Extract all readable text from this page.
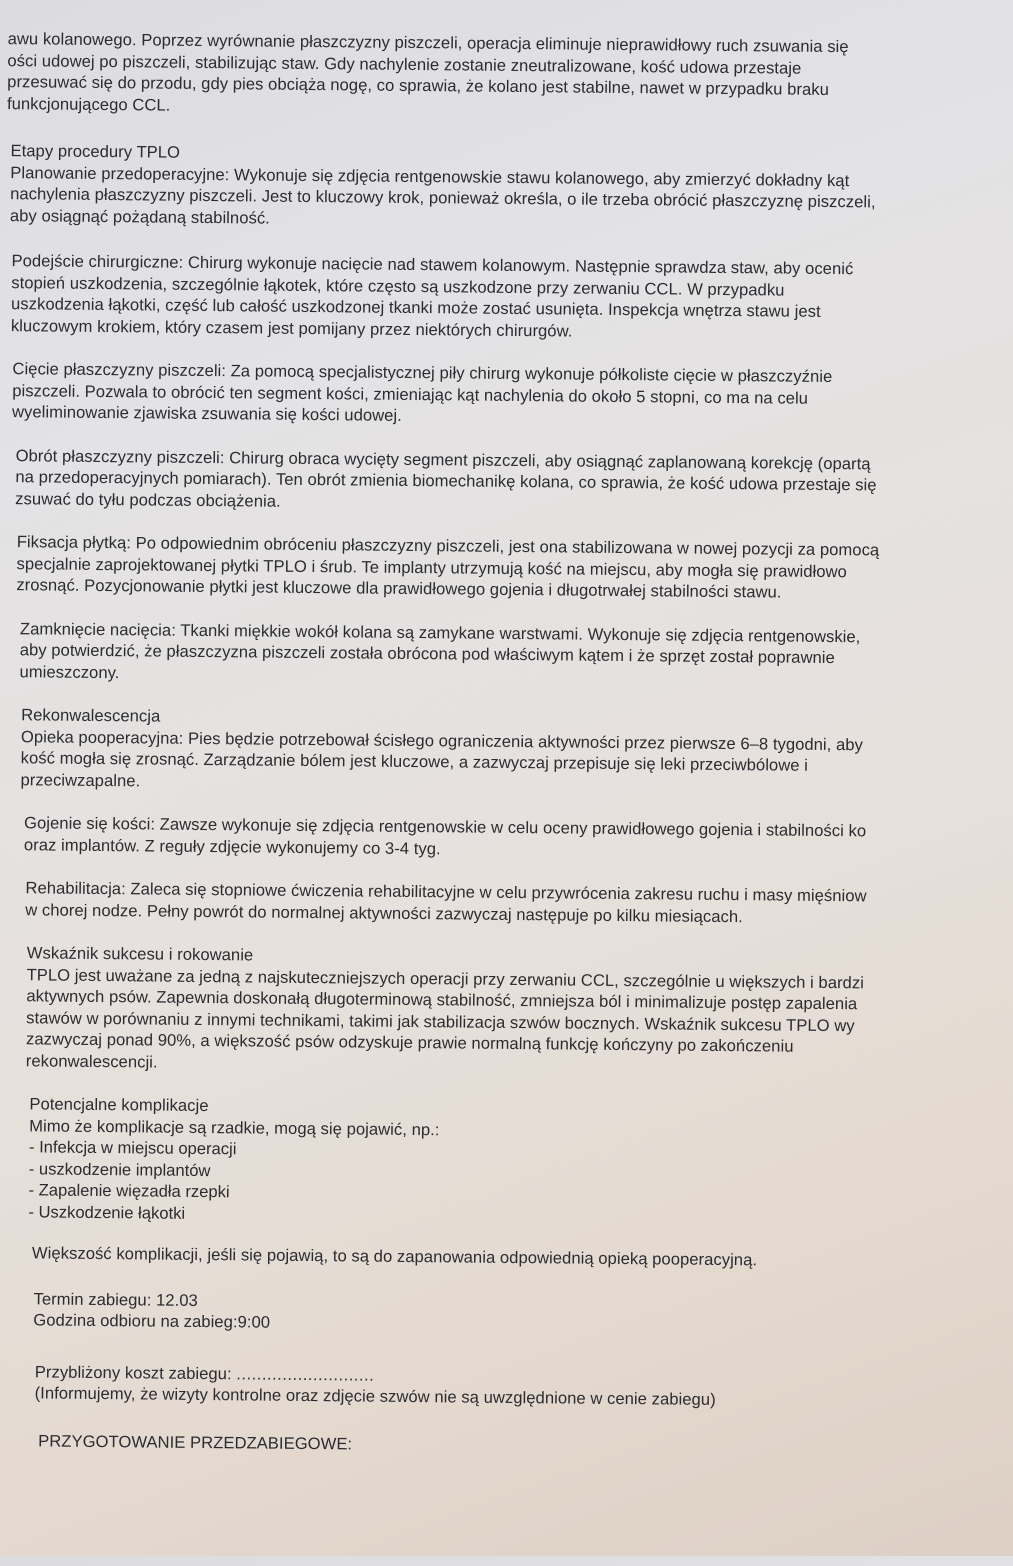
awu kolanowego. Poprzez wyrównanie płaszczyzny piszczeli, operacja eliminuje nieprawidłowy ruch zsuwania się
ości udowej po piszczeli, stabilizując staw. Gdy nachylenie zostanie zneutralizowane, kość udowa przestaje
przesuwać się do przodu, gdy pies obciąża nogę, co sprawia, że kolano jest stabilne, nawet w przypadku braku
funkcjonującego CCL.
Etapy procedury TPLO
Planowanie przedoperacyjne: Wykonuje się zdjęcia rentgenowskie stawu kolanowego, aby zmierzyć dokładny kąt
nachylenia płaszczyzny piszczeli. Jest to kluczowy krok, ponieważ określa, o ile trzeba obrócić płaszczyznę piszczeli,
aby osiągnąć pożądaną stabilność.
Podejście chirurgiczne: Chirurg wykonuje nacięcie nad stawem kolanowym. Następnie sprawdza staw, aby ocenić
stopień uszkodzenia, szczególnie łąkotek, które często są uszkodzone przy zerwaniu CCL. W przypadku
uszkodzenia łąkotki, część lub całość uszkodzonej tkanki może zostać usunięta. Inspekcja wnętrza stawu jest
kluczowym krokiem, który czasem jest pomijany przez niektórych chirurgów.
Cięcie płaszczyzny piszczeli: Za pomocą specjalistycznej piły chirurg wykonuje półkoliste cięcie w płaszczyźnie
piszczeli. Pozwala to obrócić ten segment kości, zmieniając kąt nachylenia do około 5 stopni, co ma na celu
wyeliminowanie zjawiska zsuwania się kości udowej.
Obrót płaszczyzny piszczeli: Chirurg obraca wycięty segment piszczeli, aby osiągnąć zaplanowaną korekcję (opartą
na przedoperacyjnych pomiarach). Ten obrót zmienia biomechanikę kolana, co sprawia, że kość udowa przestaje się
zsuwać do tyłu podczas obciążenia.
Fiksacja płytką: Po odpowiednim obróceniu płaszczyzny piszczeli, jest ona stabilizowana w nowej pozycji za pomocą
specjalnie zaprojektowanej płytki TPLO i śrub. Te implanty utrzymują kość na miejscu, aby mogła się prawidłowo
zrosnąć. Pozycjonowanie płytki jest kluczowe dla prawidłowego gojenia i długotrwałej stabilności stawu.
Zamknięcie nacięcia: Tkanki miękkie wokół kolana są zamykane warstwami. Wykonuje się zdjęcia rentgenowskie,
aby potwierdzić, że płaszczyzna piszczeli została obrócona pod właściwym kątem i że sprzęt został poprawnie
umieszczony.
Rekonwalescencja
Opieka pooperacyjna: Pies będzie potrzebował ścisłego ograniczenia aktywności przez pierwsze 6–8 tygodni, aby
kość mogła się zrosnąć. Zarządzanie bólem jest kluczowe, a zazwyczaj przepisuje się leki przeciwbólowe i
przeciwzapalne.
Gojenie się kości: Zawsze wykonuje się zdjęcia rentgenowskie w celu oceny prawidłowego gojenia i stabilności ko
oraz implantów. Z reguły zdjęcie wykonujemy co 3-4 tyg.
Rehabilitacja: Zaleca się stopniowe ćwiczenia rehabilitacyjne w celu przywrócenia zakresu ruchu i masy mięśniow
w chorej nodze. Pełny powrót do normalnej aktywności zazwyczaj następuje po kilku miesiącach.
Wskaźnik sukcesu i rokowanie
TPLO jest uważane za jedną z najskuteczniejszych operacji przy zerwaniu CCL, szczególnie u większych i bardzi
aktywnych psów. Zapewnia doskonałą długoterminową stabilność, zmniejsza ból i minimalizuje postęp zapalenia
stawów w porównaniu z innymi technikami, takimi jak stabilizacja szwów bocznych. Wskaźnik sukcesu TPLO wy
zazwyczaj ponad 90%, a większość psów odzyskuje prawie normalną funkcję kończyny po zakończeniu
rekonwalescencji.
Potencjalne komplikacje
Mimo że komplikacje są rzadkie, mogą się pojawić, np.:
- Infekcja w miejscu operacji
- uszkodzenie implantów
- Zapalenie więzadła rzepki
- Uszkodzenie łąkotki
Większość komplikacji, jeśli się pojawią, to są do zapanowania odpowiednią opieką pooperacyjną.
Termin zabiegu: 12.03
Godzina odbioru na zabieg:9:00
Przybliżony koszt zabiegu: ...........................
(Informujemy, że wizyty kontrolne oraz zdjęcie szwów nie są uwzględnione w cenie zabiegu)
PRZYGOTOWANIE PRZEDZABIEGOWE:
